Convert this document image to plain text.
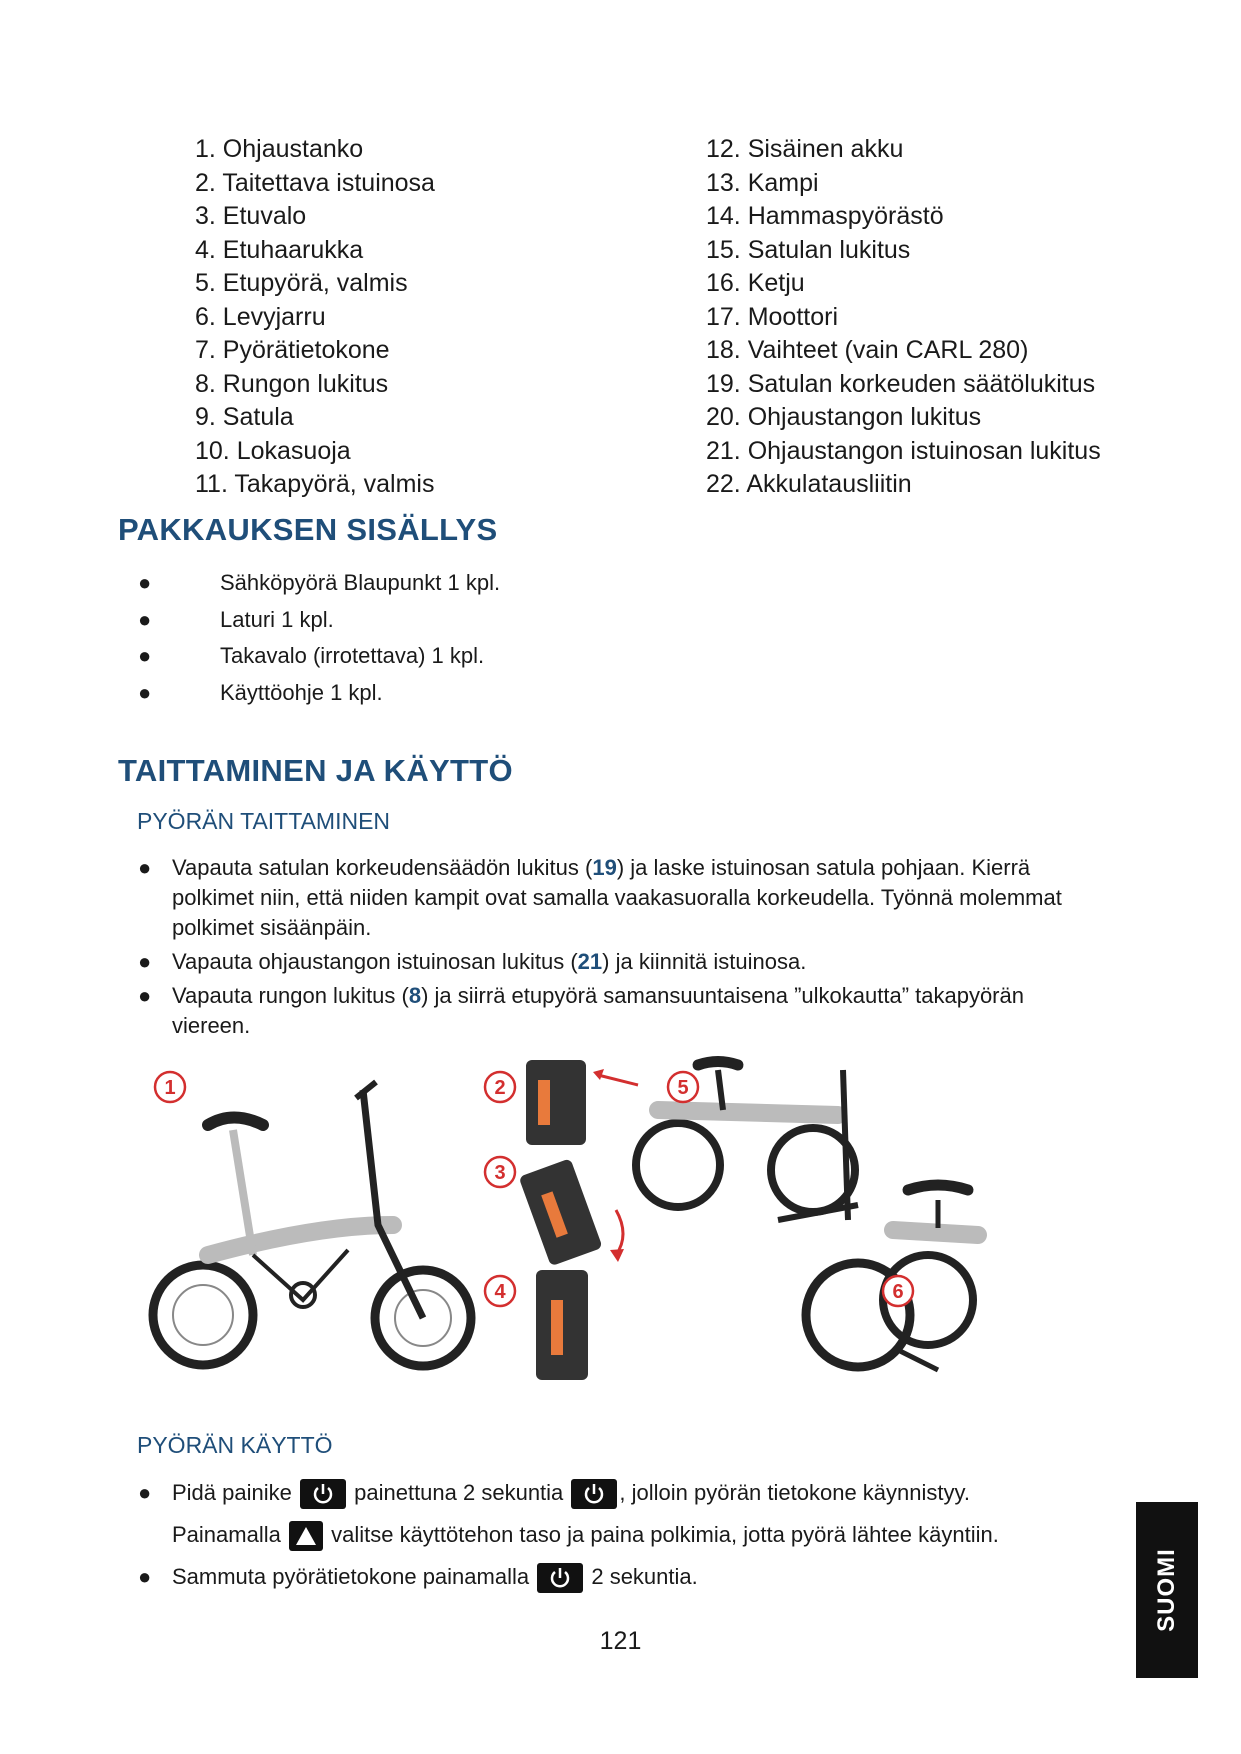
1. Ohjaustanko
2. Taitettava istuinosa
3. Etuvalo
4. Etuhaarukka
5. Etupyörä, valmis
6. Levyjarru
7. Pyörätietokone
8. Rungon lukitus
9. Satula
10. Lokasuoja
11. Takapyörä, valmis
12. Sisäinen akku
13. Kampi
14. Hammaspyörästö
15. Satulan lukitus
16. Ketju
17. Moottori
18. Vaihteet (vain CARL 280)
19. Satulan korkeuden säätölukitus
20. Ohjaustangon lukitus
21. Ohjaustangon istuinosan lukitus
22. Akkulatausliitin
PAKKAUKSEN SISÄLLYS
●	Sähköpyörä Blaupunkt 1 kpl.
●	Laturi 1 kpl.
●	Takavalo (irrotettava) 1 kpl.
●	Käyttöohje 1 kpl.
TAITTAMINEN JA KÄYTTÖ
PYÖRÄN TAITTAMINEN
● Vapauta satulan korkeudensäädön lukitus (19) ja laske istuinosan satula pohjaan. Kierrä polkimet niin, että niiden kampit ovat samalla vaakasuoralla korkeudella. Työnnä molemmat polkimet sisäänpäin.
● Vapauta ohjaustangon istuinosan lukitus (21) ja kiinnitä istuinosa.
● Vapauta rungon lukitus (8) ja siirrä etupyörä samansuuntaisena ”ulkokautta” takapyörän viereen.
1	2
3
4
5
6
PYÖRÄN KÄYTTÖ
● Pidä painike	painettuna 2 sekuntia	, jolloin pyörän tietokone käynnistyy.
Painamalla valitse käyttötehon taso ja paina polkimia, jotta pyörä lähtee käyntiin.
● Sammuta pyörätietokone painamalla	2 sekuntia.
121
SUOMI
